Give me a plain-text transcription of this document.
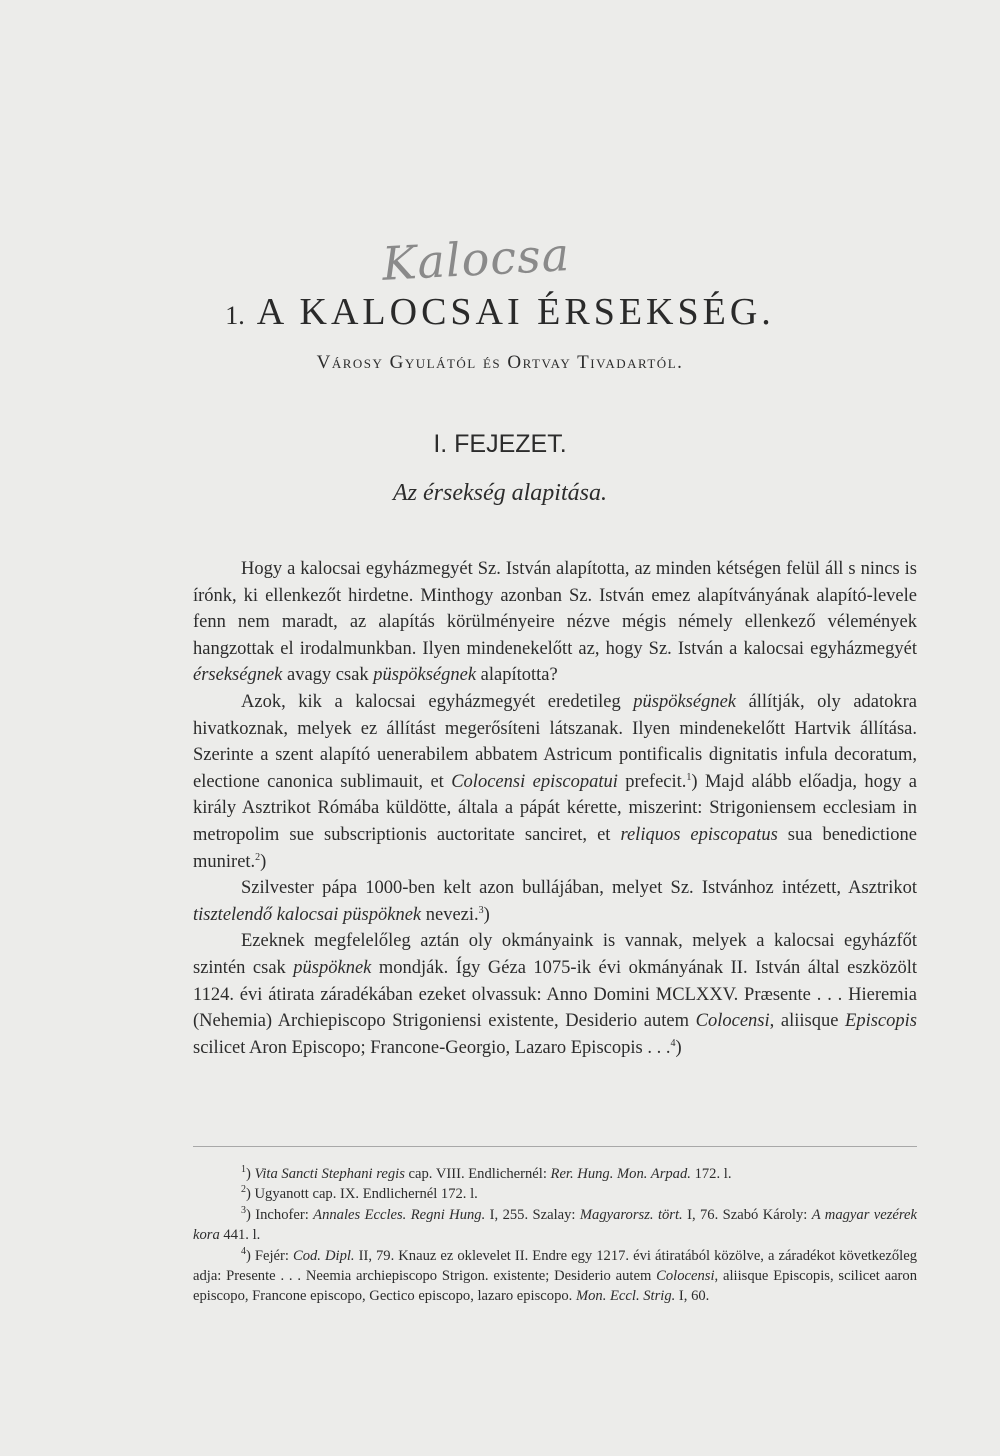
Kalocsa
1. A KALOCSAI ÉRSEKSÉG.
Városy Gyulától és Ortvay Tivadartól.
I. FEJEZET.
Az érsekség alapitása.

Hogy a kalocsai egyházmegyét Sz. István alapította, az minden kétségen felül áll s nincs is írónk, ki ellenkezőt hirdetne. Minthogy azonban Sz. István emez alapítványának alapító-levele fenn nem maradt, az alapítás körülményeire nézve mégis némely ellenkező vélemények hangzottak el irodalmunkban. Ilyen mindenekelőtt az, hogy Sz. István a kalocsai egyházmegyét érsekségnek avagy csak püspökségnek alapította?

Azok, kik a kalocsai egyházmegyét eredetileg püspökségnek állítják, oly adatokra hivatkoznak, melyek ez állítást megerősíteni látszanak. Ilyen mindenekelőtt Hartvik állítása. Szerinte a szent alapító uenerabilem abbatem Astricum pontificalis dignitatis infula decoratum, electione canonica sublimauit, et Colocensi episcopatui prefecit.$^1$) Majd alább előadja, hogy a király Asztrikot Rómába küldötte, általa a pápát kérette, miszerint: Strigoniensem ecclesiam in metropolim sue subscriptionis auctoritate sanciret, et reliquos episcopatus sua benedictione muniret.$^2$)

Szilvester pápa 1000-ben kelt azon bullájában, melyet Sz. Istvánhoz intézett, Asztrikot tisztelendő kalocsai püspöknek nevezi.$^3$)

Ezeknek megfelelőleg aztán oly okmányaink is vannak, melyek a kalocsai egyházfőt szintén csak püspöknek mondják. Így Géza 1075-ik évi okmányának II. István által eszközölt 1124. évi átirata záradékában ezeket olvassuk: Anno Domini MCLXXV. Præsente . . . Hieremia (Nehemia) Archiepiscopo Strigoniensi existente, Desiderio autem Colocensi, aliisque Episcopis scilicet Aron Episcopo; Francone-Georgio, Lazaro Episcopis . . .$^4$)

$^1$) Vita Sancti Stephani regis cap. VIII. Endlichernél: Rer. Hung. Mon. Arpad. 172. l.

$^2$) Ugyanott cap. IX. Endlichernél 172. l.

$^3$) Inchofer: Annales Eccles. Regni Hung. I, 255. Szalay: Magyarorsz. tört. I, 76. Szabó Károly: A magyar vezérek kora 441. l.

$^4$) Fejér: Cod. Dipl. II, 79. Knauz ez oklevelet II. Endre egy 1217. évi átiratából közölve, a záradékot következőleg adja: Presente . . . Neemia archiepiscopo Strigon. existente; Desiderio autem Colocensi, aliisque Episcopis, scilicet aaron episcopo, Francone episcopo, Gectico episcopo, lazaro episcopo. Mon. Eccl. Strig. I, 60.
